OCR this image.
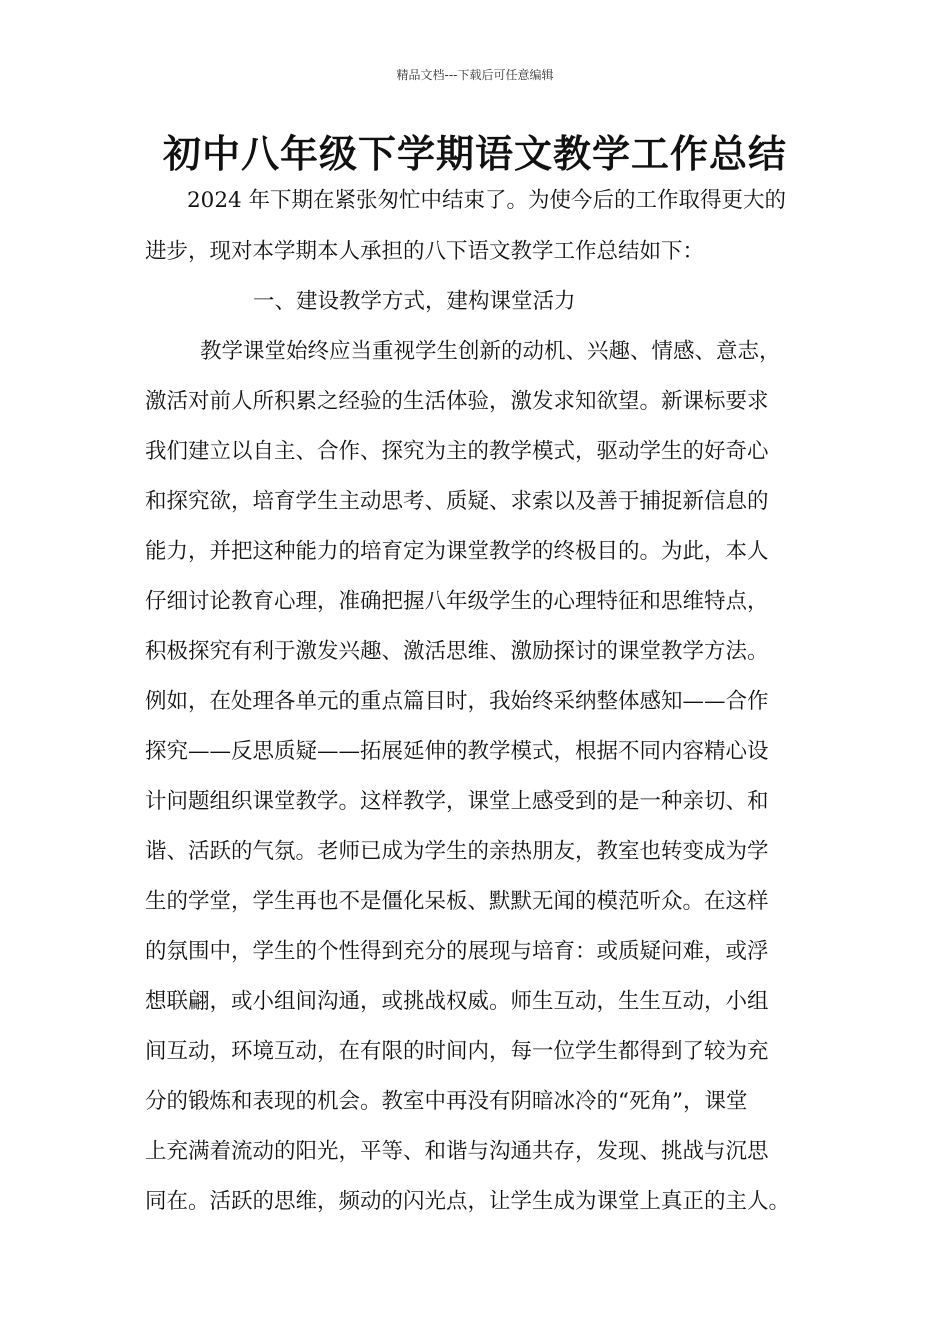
精品文档---下载后可任意编辑
初中八年级下学期语文教学工作总结
2024 年下期在紧张匆忙中结束了。为使今后的工作取得更大的
进步，现对本学期本人承担的八下语文教学工作总结如下：
一、建设教学方式，建构课堂活力
教学课堂始终应当重视学生创新的动机、兴趣、情感、意志，
激活对前人所积累之经验的生活体验，激发求知欲望。新课标要求
我们建立以自主、合作、探究为主的教学模式，驱动学生的好奇心
和探究欲，培育学生主动思考、质疑、求索以及善于捕捉新信息的
能力，并把这种能力的培育定为课堂教学的终极目的。为此，本人
仔细讨论教育心理，准确把握八年级学生的心理特征和思维特点，
积极探究有利于激发兴趣、激活思维、激励探讨的课堂教学方法。
例如，在处理各单元的重点篇目时，我始终采纳整体感知——合作
探究——反思质疑——拓展延伸的教学模式，根据不同内容精心设
计问题组织课堂教学。这样教学，课堂上感受到的是一种亲切、和
谐、活跃的气氛。老师已成为学生的亲热朋友，教室也转变成为学
生的学堂，学生再也不是僵化呆板、默默无闻的模范听众。在这样
的氛围中，学生的个性得到充分的展现与培育：或质疑问难，或浮
想联翩，或小组间沟通，或挑战权威。师生互动，生生互动，小组
间互动，环境互动，在有限的时间内，每一位学生都得到了较为充
分的锻炼和表现的机会。教室中再没有阴暗冰冷的“死角”，课堂
上充满着流动的阳光，平等、和谐与沟通共存，发现、挑战与沉思
同在。活跃的思维，频动的闪光点，让学生成为课堂上真正的主人。
